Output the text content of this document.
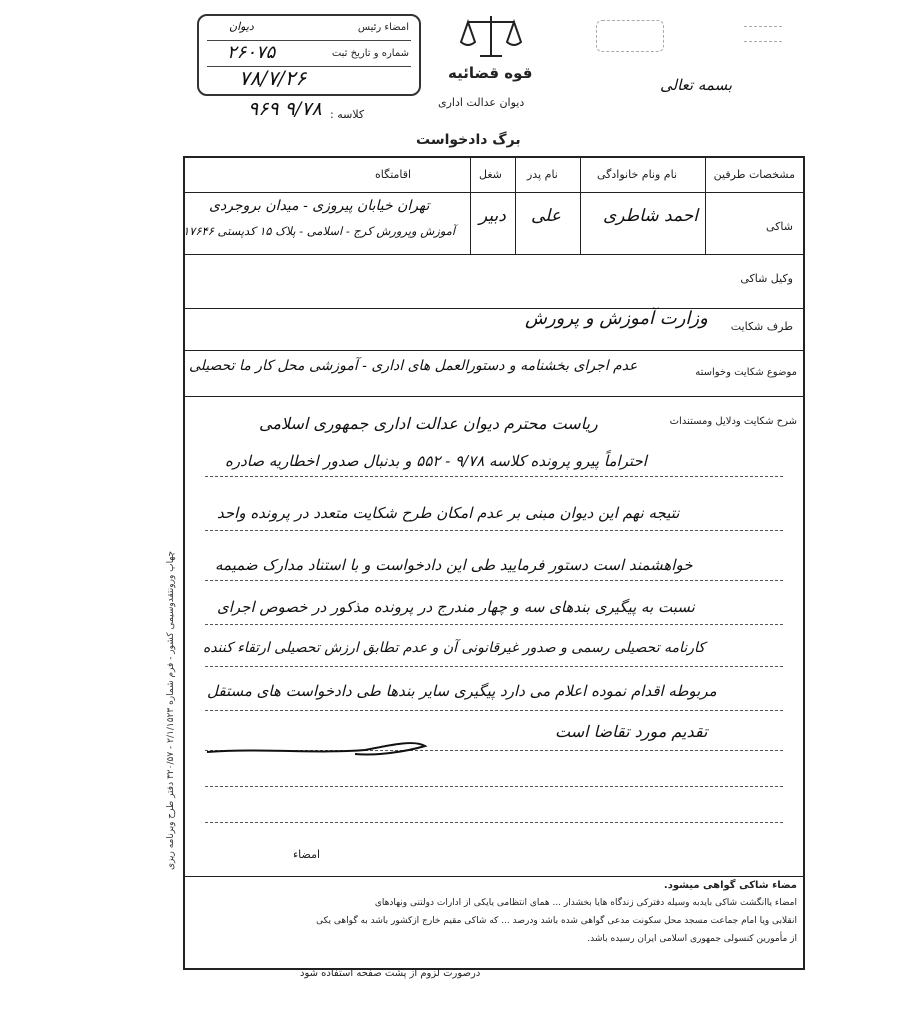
امضاء رئیس
دیوان
شماره و تاریخ ثبت
۲۶۰۷۵
۷۸/۷/۲۶
کلاسه :
۹۶۹ ۹/۷۸
قوه قضائیه
دیوان عدالت اداری
بسمه تعالی
برگ دادخواست
مشخصات طرفین
نام ونام خانوادگی
نام پدر
شغل
اقامتگاه
شاکی
احمد شاطری
علی
دبیر
تهران خیابان پیروزی - میدان بروجردی
آموزش وپرورش کرج - اسلامی - پلاک ۱۵ کدپستی ۱۷۶۴۶
وکیل شاکی
طرف شکایت
وزارت آموزش و پرورش
موضوع شکایت وخواسته
عدم اجرای بخشنامه و دستورالعمل های اداری - آموزشی محل کار ما تحصیلی
شرح شکایت ودلایل ومستندات
ریاست محترم دیوان عدالت اداری جمهوری اسلامی
احتراماً پیرو پرونده کلاسه ۹/۷۸ - ۵۵۲ و بدنبال صدور اخطاریه صادره
نتیجه نهم این دیوان مبنی بر عدم امکان طرح شکایت متعدد در پرونده واحد
خواهشمند است دستور فرمایید طی این دادخواست و با استناد مدارک ضمیمه
نسبت به پیگیری بندهای سه و چهار مندرج در پرونده مذکور در خصوص اجرای
کارنامه تحصیلی رسمی و صدور غیرقانونی آن و عدم تطابق ارزش تحصیلی ارتقاء کننده
مربوطه اقدام نموده اعلام می دارد پیگیری سایر بندها طی دادخواست های مستقل
تقدیم مورد تقاضا است
امضاء
مضاء شاکی گواهی میشود.
امضاء یاانگشت شاکی بایدبه وسیله دفترکی زندگاه هایا بخشدار ... همای انتظامی یایکی از ادارات دولتنی ونهادهای
انقلابی ویا امام جماعت مسجد محل سکونت مدعی گواهی شده باشد ودرصد ... که شاکی مقیم خارج ازکشور باشد به گواهی یکی
از مأمورین کنسولی جمهوری اسلامی ایران رسیده باشد.
چهاپ ورونتقدوسیمی کشور - فرم شماره ۲/۱/۱۵۲۳ - ۳۲۰/۵۷ دفتر طرح وبرنامه ریزی
درصورت لزوم از پشت صفحه استفاده شود
